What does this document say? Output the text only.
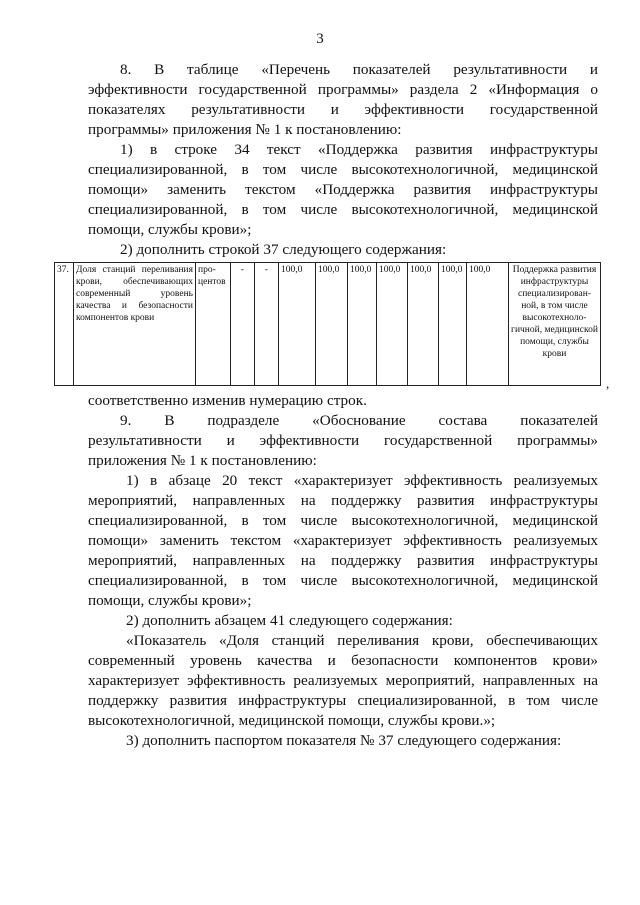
3
8. В таблице «Перечень показателей результативности и
эффективности государственной программы» раздела 2 «Информация о
показателях результативности и эффективности государственной
программы» приложения № 1 к постановлению:
1) в строке 34 текст «Поддержка развития инфраструктуры
специализированной, в том числе высокотехнологичной, медицинской
помощи» заменить текстом «Поддержка развития инфраструктуры
специализированной, в том числе высокотехнологичной, медицинской
помощи, службы крови»;
2) дополнить строкой 37 следующего содержания:
37.	Доля станций переливания крови, обеспечивающих современный уровень качества и безопасности компонентов крови	про-центов	-	-	100,0	100,0	100,0	100,0	100,0	100,0	100,0	Поддержка развития инфраструктуры специализирован-ной, в том числе высокотехноло-гичной, медицинской помощи, службы крови
,
соответственно изменив нумерацию строк.
9. В подразделе «Обоснование состава показателей
результативности и эффективности государственной программы»
приложения № 1 к постановлению:
1) в абзаце 20 текст «характеризует эффективность реализуемых
мероприятий, направленных на поддержку развития инфраструктуры
специализированной, в том числе высокотехнологичной, медицинской
помощи» заменить текстом «характеризует эффективность реализуемых
мероприятий, направленных на поддержку развития инфраструктуры
специализированной, в том числе высокотехнологичной, медицинской
помощи, службы крови»;
2) дополнить абзацем 41 следующего содержания:
«Показатель «Доля станций переливания крови, обеспечивающих
современный уровень качества и безопасности компонентов крови»
характеризует эффективность реализуемых мероприятий, направленных на
поддержку развития инфраструктуры специализированной, в том числе
высокотехнологичной, медицинской помощи, службы крови.»;
3) дополнить паспортом показателя № 37 следующего содержания:
